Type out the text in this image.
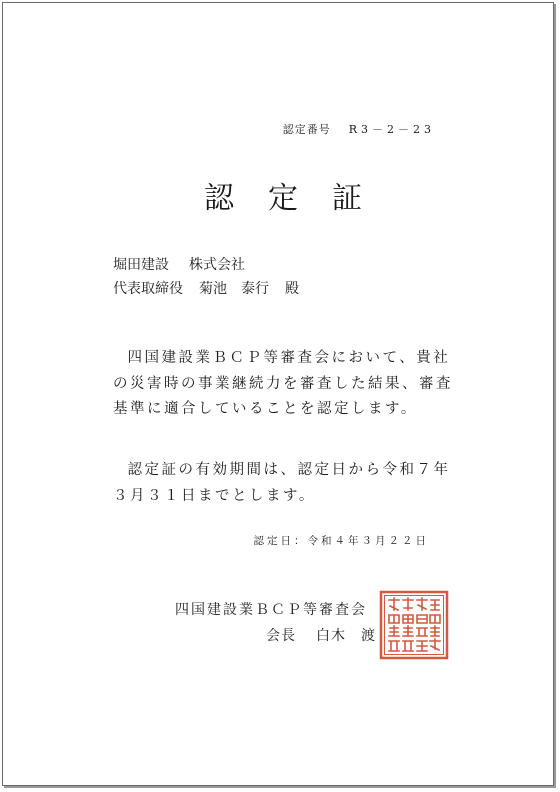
認定番号 R3－2－23
認定証
堀田建設 株式会社
代表取締役 菊池　泰行 殿
四国建設業ＢＣＰ等審査会において、貴社の災害時の事業継続力を審査した結果、審査基準に適合していることを認定します。
認定証の有効期間は、認定日から令和７年３月３１日までとします。
認定日：令和４年３月２２日
四国建設業ＢＣＰ等審査会
会長 白木　渡
